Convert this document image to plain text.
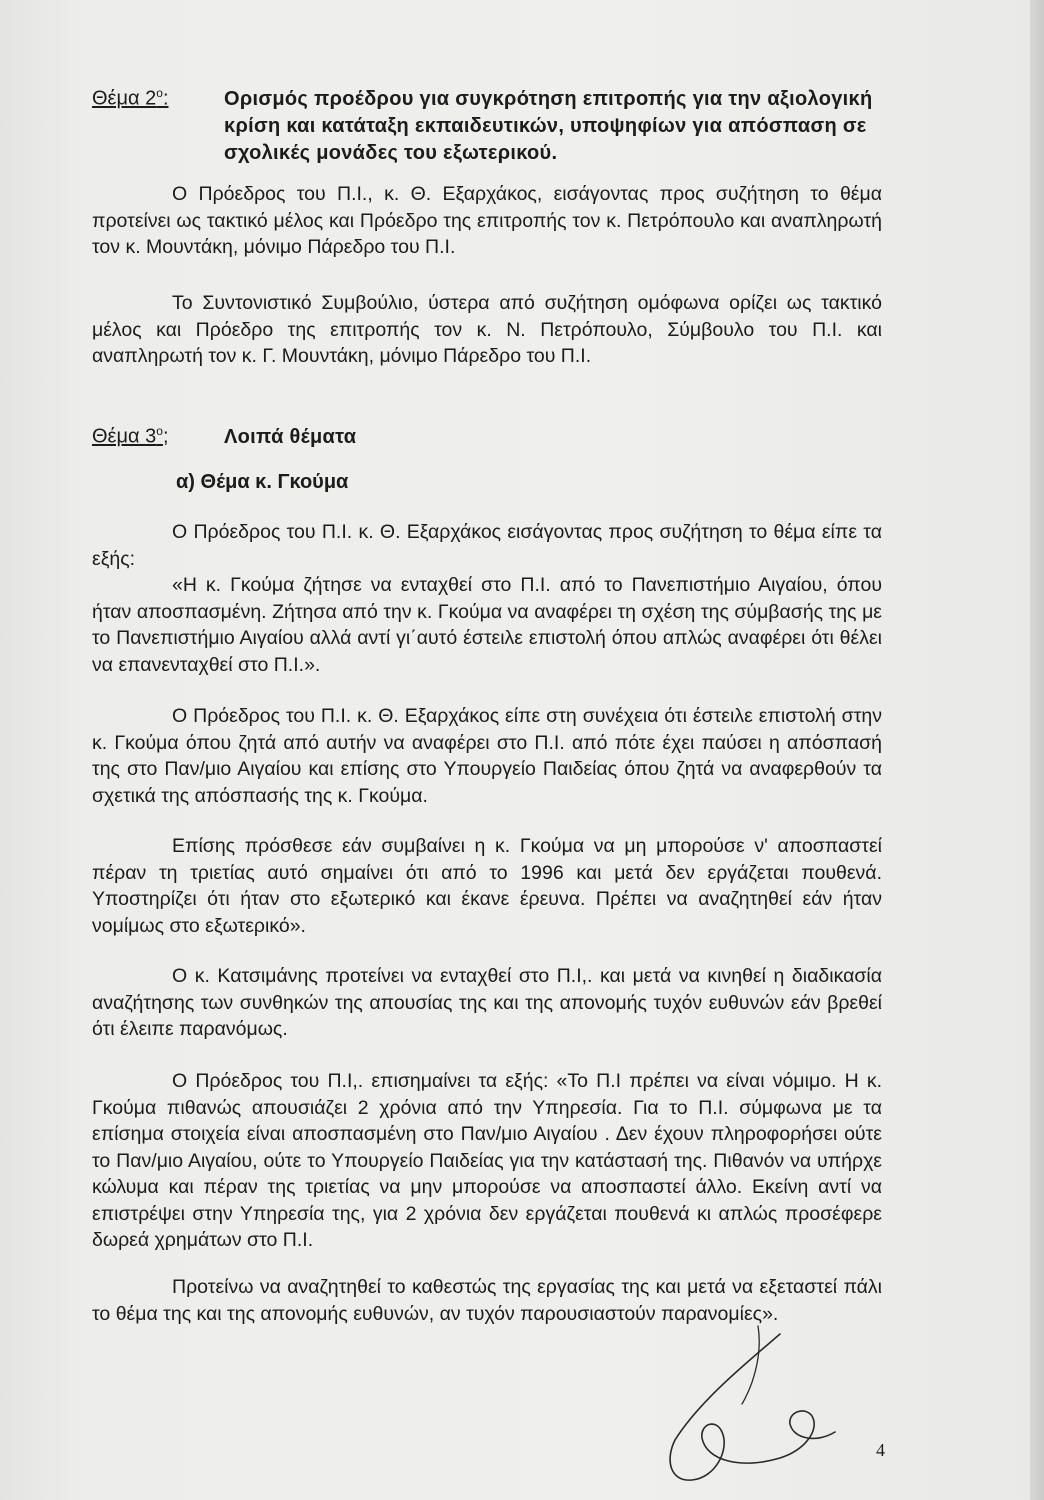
Θέμα $2^o$:	Ορισμός προέδρου για συγκρότηση επιτροπής για την αξιολογική κρίση και κατάταξη εκπαιδευτικών, υποψηφίων για απόσπαση σε σχολικές μονάδες του εξωτερικού.

Ο Πρόεδρος του Π.Ι., κ. Θ. Εξαρχάκος, εισάγοντας προς συζήτηση το θέμα προτείνει ως τακτικό μέλος και Πρόεδρο της επιτροπής τον κ. Πετρόπουλο και αναπληρωτή τον κ. Μουντάκη, μόνιμο Πάρεδρο του Π.Ι.

Το Συντονιστικό Συμβούλιο, ύστερα από συζήτηση ομόφωνα ορίζει ως τακτικό μέλος και Πρόεδρο της επιτροπής τον κ. Ν. Πετρόπουλο, Σύμβουλο του Π.Ι. και αναπληρωτή τον κ. Γ. Μουντάκη, μόνιμο Πάρεδρο του Π.Ι.

Θέμα $3^o$;	Λοιπά θέματα
α) Θέμα κ. Γκούμα

Ο Πρόεδρος του Π.Ι. κ. Θ. Εξαρχάκος εισάγοντας προς συζήτηση το θέμα είπε τα εξής:

«Η κ. Γκούμα ζήτησε να ενταχθεί στο Π.Ι. από το Πανεπιστήμιο Αιγαίου, όπου ήταν αποσπασμένη. Ζήτησα από την κ. Γκούμα να αναφέρει τη σχέση της σύμβασής της με το Πανεπιστήμιο Αιγαίου αλλά αντί γι΄αυτό έστειλε επιστολή όπου απλώς αναφέρει ότι θέλει να επανενταχθεί στο Π.Ι.».

Ο Πρόεδρος του Π.Ι. κ. Θ. Εξαρχάκος είπε στη συνέχεια ότι έστειλε επιστολή στην κ. Γκούμα όπου ζητά από αυτήν να αναφέρει στο Π.Ι. από πότε έχει παύσει η απόσπασή της στο Παν/μιο Αιγαίου και επίσης στο Υπουργείο Παιδείας όπου ζητά να αναφερθούν τα σχετικά της απόσπασής της κ. Γκούμα.

Επίσης πρόσθεσε εάν συμβαίνει η κ. Γκούμα να μη μπορούσε ν' αποσπαστεί πέραν τη τριετίας αυτό σημαίνει ότι από το 1996 και μετά δεν εργάζεται πουθενά. Υποστηρίζει ότι ήταν στο εξωτερικό και έκανε έρευνα. Πρέπει να αναζητηθεί εάν ήταν νομίμως στο εξωτερικό».

Ο κ. Κατσιμάνης προτείνει να ενταχθεί στο Π.Ι,. και μετά να κινηθεί η διαδικασία αναζήτησης των συνθηκών της απουσίας της και της απονομής τυχόν ευθυνών εάν βρεθεί ότι έλειπε παρανόμως.

Ο Πρόεδρος του Π.Ι,. επισημαίνει τα εξής: «Το Π.Ι πρέπει να είναι νόμιμο. Η κ. Γκούμα πιθανώς απουσιάζει 2 χρόνια από την Υπηρεσία. Για το Π.Ι. σύμφωνα με τα επίσημα στοιχεία είναι αποσπασμένη στο Παν/μιο Αιγαίου . Δεν έχουν πληροφορήσει ούτε το Παν/μιο Αιγαίου, ούτε το Υπουργείο Παιδείας για την κατάστασή της. Πιθανόν να υπήρχε κώλυμα και πέραν της τριετίας να μην μπορούσε να αποσπαστεί άλλο. Εκείνη αντί να επιστρέψει στην Υπηρεσία της, για 2 χρόνια δεν εργάζεται πουθενά κι απλώς προσέφερε δωρεά χρημάτων στο Π.Ι.

Προτείνω να αναζητηθεί το καθεστώς της εργασίας της και μετά να εξεταστεί πάλι το θέμα της και της απονομής ευθυνών, αν τυχόν παρουσιαστούν παρανομίες».

4
